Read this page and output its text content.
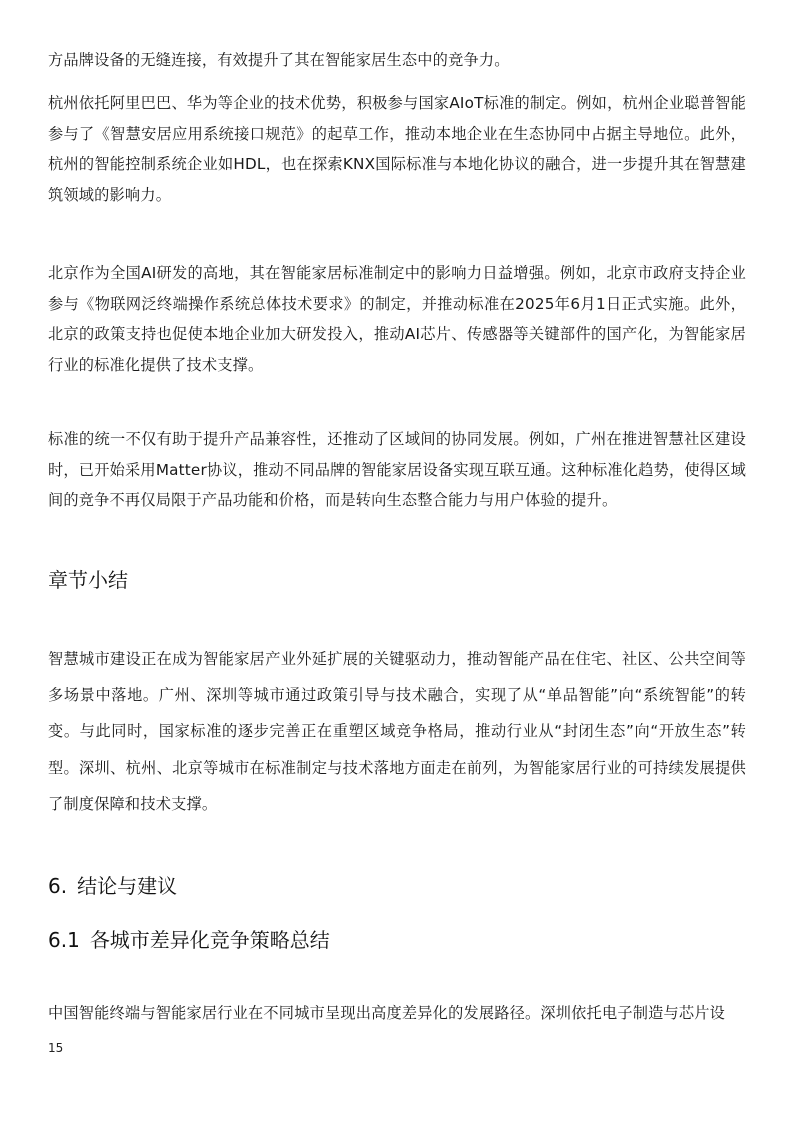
方品牌设备的无缝连接，有效提升了其在智能家居生态中的竞争力。

杭州依托阿里巴巴、华为等企业的技术优势，积极参与国家AIoT标准的制定。例如，杭州企业聪普智能参与了《智慧安居应用系统接口规范》的起草工作，推动本地企业在生态协同中占据主导地位。此外，杭州的智能控制系统企业如HDL，也在探索KNX国际标准与本地化协议的融合，进一步提升其在智慧建筑领域的影响力。

北京作为全国AI研发的高地，其在智能家居标准制定中的影响力日益增强。例如，北京市政府支持企业参与《物联网泛终端操作系统总体技术要求》的制定，并推动标准在2025年6月1日正式实施。此外，北京的政策支持也促使本地企业加大研发投入，推动AI芯片、传感器等关键部件的国产化，为智能家居行业的标准化提供了技术支撑。

标准的统一不仅有助于提升产品兼容性，还推动了区域间的协同发展。例如，广州在推进智慧社区建设时，已开始采用Matter协议，推动不同品牌的智能家居设备实现互联互通。这种标准化趋势，使得区域间的竞争不再仅局限于产品功能和价格，而是转向生态整合能力与用户体验的提升。

章节小结

智慧城市建设正在成为智能家居产业外延扩展的关键驱动力，推动智能产品在住宅、社区、公共空间等多场景中落地。广州、深圳等城市通过政策引导与技术融合，实现了从“单品智能”向“系统智能”的转变。与此同时，国家标准的逐步完善正在重塑区域竞争格局，推动行业从“封闭生态”向“开放生态”转型。深圳、杭州、北京等城市在标准制定与技术落地方面走在前列，为智能家居行业的可持续发展提供了制度保障和技术支撑。

6. 结论与建议
6.1 各城市差异化竞争策略总结

中国智能终端与智能家居行业在不同城市呈现出高度差异化的发展路径。深圳依托电子制造与芯片设

15
